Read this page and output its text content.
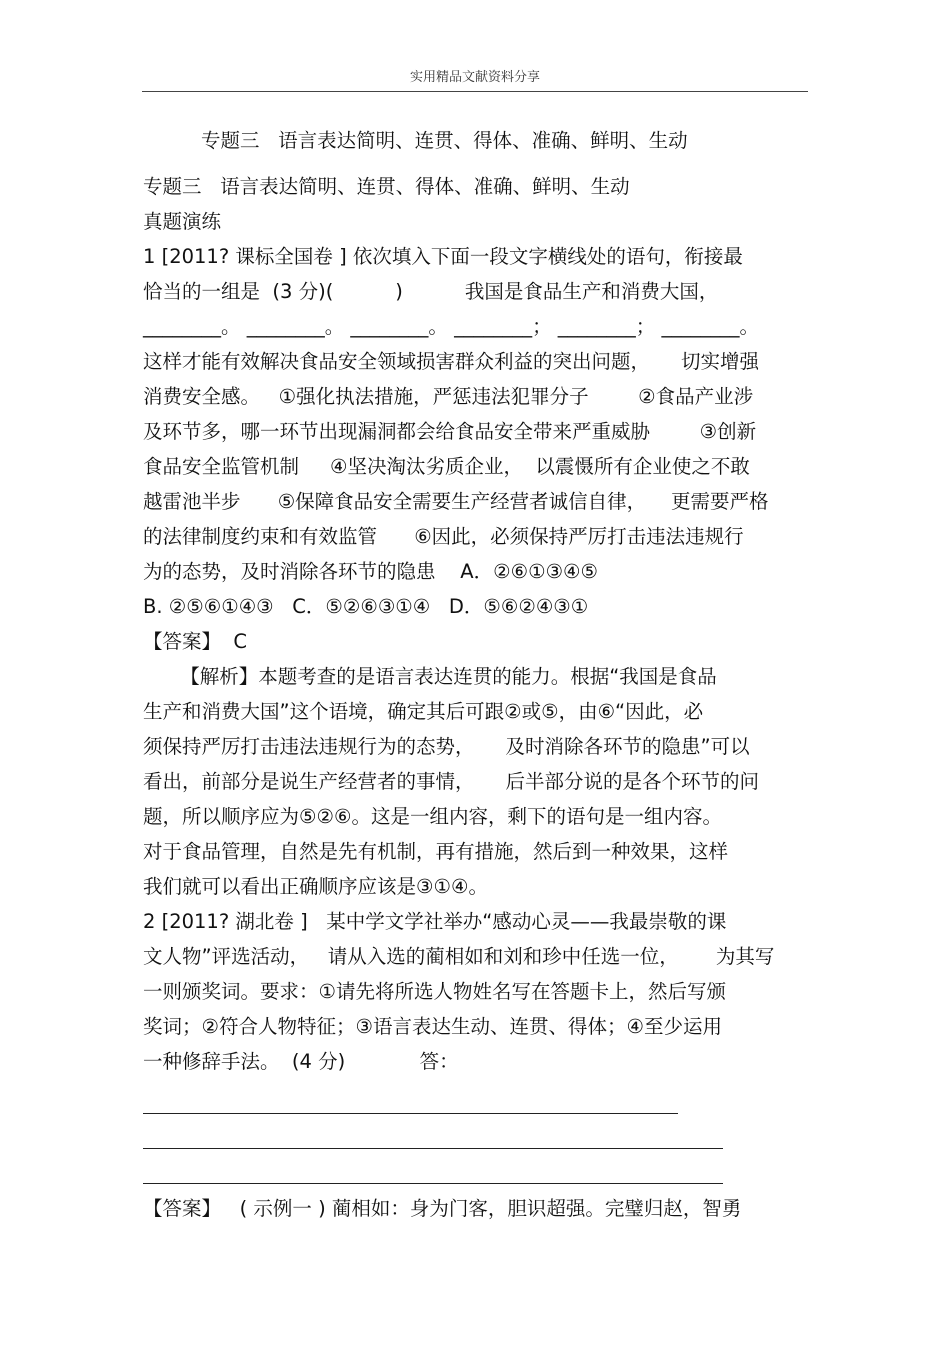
实用精品文献资料分享
专题三   语言表达简明、连贯、得体、准确、鲜明、生动
专题三   语言表达简明、连贯、得体、准确、鲜明、生动
真题演练
1 [2011? 课标全国卷 ] 依次填入下面一段文字横线处的语句，衔接最
恰当的一组是  (3 分)(          )          我国是食品生产和消费大国，
________。 ________。 ________。 ________； ________； ________。
这样才能有效解决食品安全领域损害群众利益的突出问题，     切实增强
消费安全感。   ①强化执法措施，严惩违法犯罪分子        ②食品产业涉
及环节多，哪一环节出现漏洞都会给食品安全带来严重威胁        ③创新
食品安全监管机制     ④坚决淘汰劣质企业，  以震慑所有企业使之不敢
越雷池半步      ⑤保障食品安全需要生产经营者诚信自律，    更需要严格
的法律制度约束和有效监管      ⑥因此，必须保持严厉打击违法违规行
为的态势，及时消除各环节的隐患    A．②⑥①③④⑤
B. ②⑤⑥①④③   C．⑤②⑥③①④   D．⑤⑥②④③①
【答案】  C
【解析】本题考查的是语言表达连贯的能力。根据“我国是食品
生产和消费大国”这个语境，确定其后可跟②或⑤，由⑥“因此，必
须保持严厉打击违法违规行为的态势，     及时消除各环节的隐患”可以
看出，前部分是说生产经营者的事情，     后半部分说的是各个环节的问
题，所以顺序应为⑤②⑥。这是一组内容，剩下的语句是一组内容。
对于食品管理，自然是先有机制，再有措施，然后到一种效果，这样
我们就可以看出正确顺序应该是③①④。
2 [2011? 湖北卷 ]   某中学文学社举办“感动心灵——我最崇敬的课
文人物”评选活动，   请从入选的蔺相如和刘和珍中任选一位，      为其写
一则颁奖词。要求：①请先将所选人物姓名写在答题卡上，然后写颁
奖词；②符合人物特征；③语言表达生动、连贯、得体；④至少运用
一种修辞手法。  (4 分)            答：
【答案】   ( 示例一 ) 蔺相如：身为门客，胆识超强。完璧归赵，智勇
